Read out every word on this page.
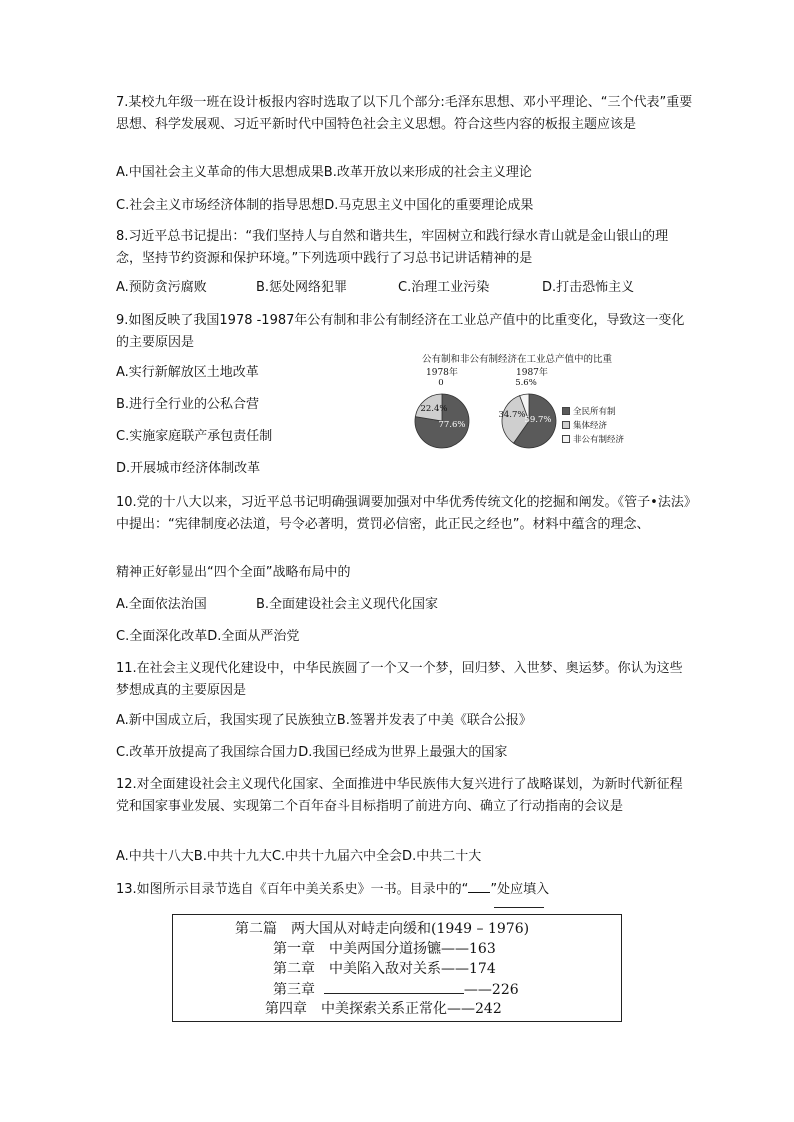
7.某校九年级一班在设计板报内容时选取了以下几个部分:毛泽东思想、邓小平理论、“三个代表”重要思想、科学发展观、习近平新时代中国特色社会主义思想。符合这些内容的板报主题应该是

A.中国社会主义革命的伟大思想成果B.改革开放以来形成的社会主义理论
C.社会主义市场经济体制的指导思想D.马克思主义中国化的重要理论成果

8.习近平总书记提出：“我们坚持人与自然和谐共生，牢固树立和践行绿水青山就是金山银山的理念，坚持节约资源和保护环境。”下列选项中践行了习总书记讲话精神的是

A.预防贪污腐败	B.惩处网络犯罪	C.治理工业污染	D.打击恐怖主义

9.如图反映了我国1978 -1987年公有制和非公有制经济在工业总产值中的比重变化，导致这一变化的主要原因是

A.实行新解放区土地改革
B.进行全行业的公私合营
C.实施家庭联产承包责任制
D.开展城市经济体制改革
公有制和非公有制经济在工业总产值中的比重
1978年	1987年
77.6%
22.4%
0
59.7%
34.7%
5.6%
全民所有制
集体经济
非公有制经济

10.党的十八大以来，习近平总书记明确强调要加强对中华优秀传统文化的挖掘和阐发。《管子•法法》中提出：“宪律制度必法道，号令必著明，赏罚必信密，此正民之经也”。材料中蕴含的理念、

精神正好彰显出“四个全面”战略布局中的
A.全面依法治国	B.全面建设社会主义现代化国家
C.全面深化改革D.全面从严治党

11.在社会主义现代化建设中，中华民族圆了一个又一个梦，回归梦、入世梦、奥运梦。你认为这些梦想成真的主要原因是

A.新中国成立后，我国实现了民族独立B.签署并发表了中美《联合公报》
C.改革开放提高了我国综合国力D.我国已经成为世界上最强大的国家

12.对全面建设社会主义现代化国家、全面推进中华民族伟大复兴进行了战略谋划，为新时代新征程 党和国家事业发展、实现第二个百年奋斗目标指明了前进方向、确立了行动指南的会议是

A.中共十八大B.中共十九大C.中共十九届六中全会D.中共二十大
13.如图所示目录节选自《百年中美关系史》一书。目录中的“ ”处应填入
第二篇　两大国从对峙走向缓和(1949 – 1976)
第一章　中美两国分道扬镳——163
第二章　中美陷入敌对关系——174
第三章	——226
第四章　中美探索关系正常化——242
